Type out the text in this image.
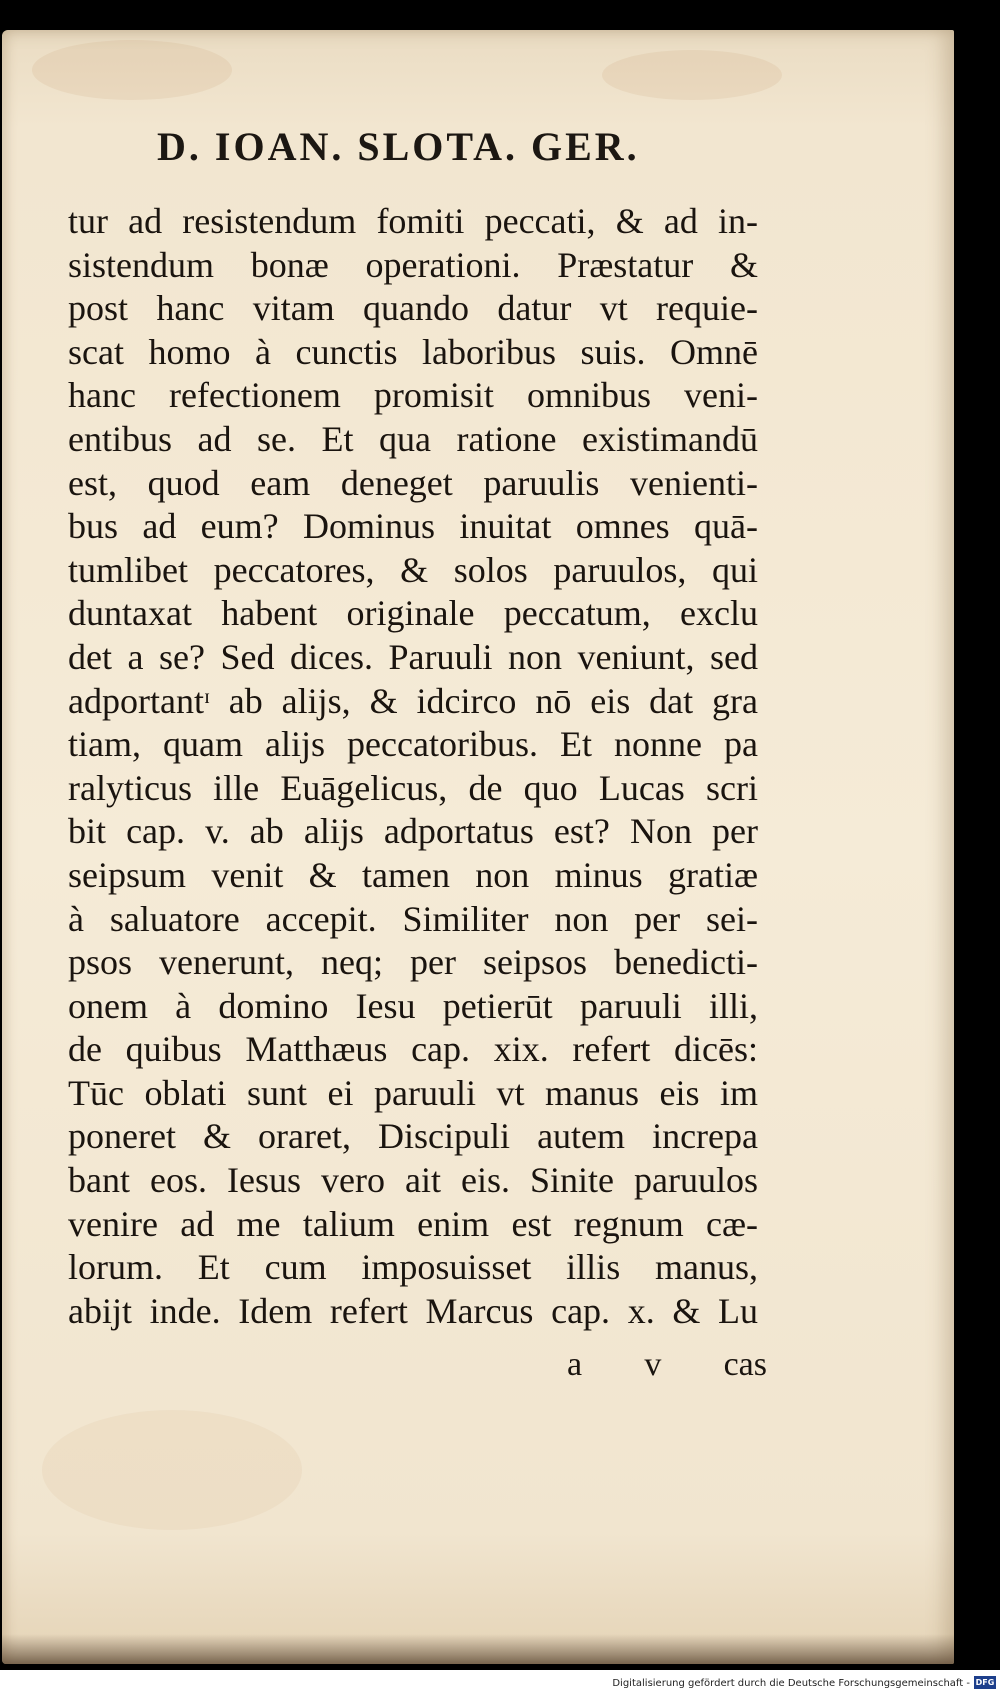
D. IOAN. SLOTA. GER.
tur ad resistendum fomiti peccati, & ad in-
sistendum bonæ operationi. Præstatur &
post hanc vitam quando datur vt requie-
scat homo à cunctis laboribus suis. Omnē
hanc refectionem promisit omnibus veni-
entibus ad se. Et qua ratione existimandū
est, quod eam deneget paruulis venienti-
bus ad eum? Dominus inuitat omnes quā-
tumlibet peccatores, & solos paruulos, qui
duntaxat habent originale peccatum, exclu
det a se? Sed dices. Paruuli non veniunt, sed
adportantᶦ ab alijs, & idcirco nō eis dat gra
tiam, quam alijs peccatoribus. Et nonne pa
ralyticus ille Euāgelicus, de quo Lucas scri
bit cap. v. ab alijs adportatus est? Non per
seipsum venit & tamen non minus gratiæ
à saluatore accepit. Similiter non per sei-
psos venerunt, neq; per seipsos benedicti-
onem à domino Iesu petierūt paruuli illi,
de quibus Matthæus cap. xix. refert dicēs:
Tūc oblati sunt ei paruuli vt manus eis im
poneret & oraret, Discipuli autem increpa
bant eos. Iesus vero ait eis. Sinite paruulos
venire ad me talium enim est regnum cæ-
lorum. Et cum imposuisset illis manus,
abijt inde. Idem refert Marcus cap. x. & Lu
a v cas
Digitalisierung gefördert durch die Deutsche Forschungsgemeinschaft - DFG
